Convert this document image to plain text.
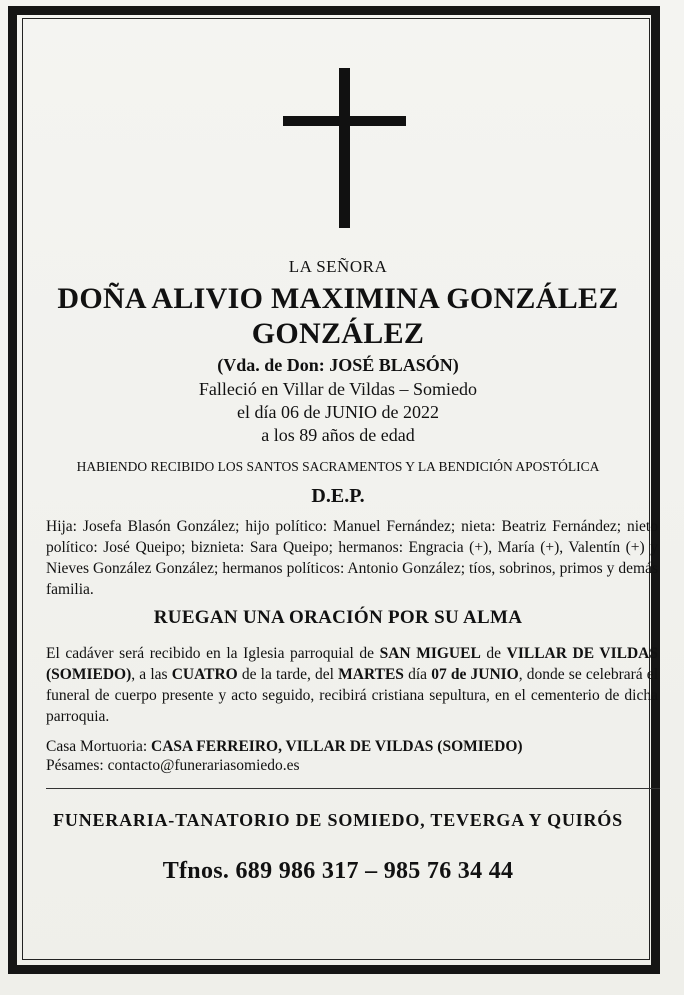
LA SEÑORA
DOÑA ALIVIO MAXIMINA GONZÁLEZ
GONZÁLEZ
(Vda. de Don: JOSÉ BLASÓN)
Falleció en Villar de Vildas – Somiedo
el día 06 de JUNIO de 2022
a los 89 años de edad
HABIENDO RECIBIDO LOS SANTOS SACRAMENTOS Y LA BENDICIÓN APOSTÓLICA
D.E.P.
Hija: Josefa Blasón González; hijo político: Manuel Fernández; nieta: Beatriz Fernández; nieto político: José Queipo; biznieta: Sara Queipo; hermanos: Engracia (+), María (+), Valentín (+) y Nieves González González; hermanos políticos: Antonio González; tíos, sobrinos, primos y demás familia.
RUEGAN UNA ORACIÓN POR SU ALMA
El cadáver será recibido en la Iglesia parroquial de SAN MIGUEL de VILLAR DE VILDAS (SOMIEDO), a las CUATRO de la tarde, del MARTES día 07 de JUNIO, donde se celebrará el funeral de cuerpo presente y acto seguido, recibirá cristiana sepultura, en el cementerio de dicha parroquia.
Casa Mortuoria: CASA FERREIRO, VILLAR DE VILDAS (SOMIEDO)
Pésames: contacto@funerariasomiedo.es
FUNERARIA-TANATORIO DE SOMIEDO, TEVERGA Y QUIRÓS
Tfnos. 689 986 317 – 985 76 34 44
